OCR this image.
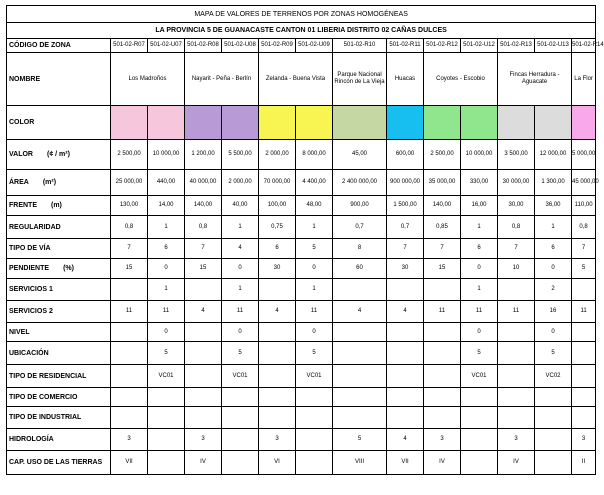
MAPA DE VALORES DE TERRENOS POR ZONAS HOMOGÉNEAS													
LA PROVINCIA 5 DE GUANACASTE CANTON 01 LIBERIA DISTRITO 02 CAÑAS DULCES													
CÓDIGO DE ZONA	501-02-R07	501-02-U07	501-02-R08	501-02-U08	501-02-R09	501-02-U09	501-02-R10	501-02-R11	501-02-R12	501-02-U12	501-02-R13	501-02-U13	501-02-R14
NOMBRE	Los Madroños		Nayarit - Peña - Berlín		Zelanda - Buena Vista		Parque Nacional Rincón de La Vieja	Huacas	Coyotes - Escobio		Fincas Herradura - Aguacate		La Flor
COLOR													
VALOR (¢ / m²)	2 500,00	10 000,00	1 200,00	5 500,00	2 000,00	8 000,00	45,00	600,00	2 500,00	10 000,00	3 500,00	12 000,00	5 000,00
ÁREA (m²)	25 000,00	440,00	40 000,00	2 000,00	70 000,00	4 400,00	2 400 000,00	900 000,00	35 000,00	330,00	30 000,00	1 300,00	45 000,00
FRENTE (m)	130,00	14,00	140,00	40,00	100,00	48,00	900,00	1 500,00	140,00	16,00	30,00	36,00	110,00
REGULARIDAD	0,8	1	0,8	1	0,75	1	0,7	0,7	0,85	1	0,8	1	0,8
TIPO DE VÍA	7	6	7	4	6	5	8	7	7	6	7	6	7
PENDIENTE (%)	15	0	15	0	30	0	60	30	15	0	10	0	5
SERVICIOS 1		1		1		1				1		2	
SERVICIOS 2	11	11	4	11	4	11	4	4	11	11	11	16	11
NIVEL		0		0		0				0		0	
UBICACIÓN		5		5		5				5		5	
TIPO DE RESIDENCIAL		VC01		VC01		VC01				VC01		VC02	
TIPO DE COMERCIO													
TIPO DE INDUSTRIAL													
HIDROLOGÍA	3		3		3		5	4	3		3		3
CAP. USO DE LAS TIERRAS	VII		IV		VI		VIII	VII	IV		IV		II
